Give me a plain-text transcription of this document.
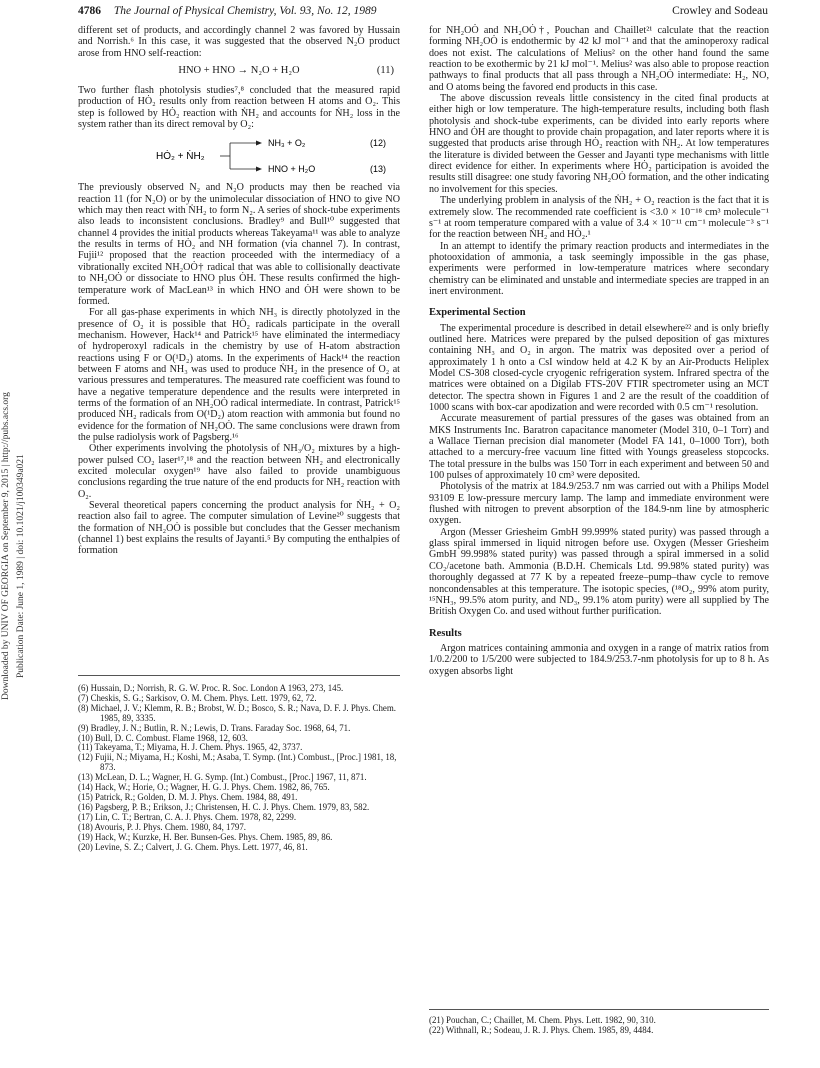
4786 The Journal of Physical Chemistry, Vol. 93, No. 12, 1989	Crowley and Sodeau
Downloaded by UNIV OF GEORGIA on September 9, 2015 | http://pubs.acs.org Publication Date: June 1, 1989 | doi: 10.1021/j100349a021

different set of products, and accordingly channel 2 was favored by Hussain and Norrish.⁶ In this case, it was suggested that the observed N₂O product arose from HNO self-reaction:

HNO + HNO → N₂O + H₂O	(11)

Two further flash photolysis studies⁷,⁸ concluded that the measured rapid production of HȮ₂ results only from reaction between H atoms and O₂. This step is followed by HȮ₂ reaction with ṄH₂ and accounts for ṄH₂ loss in the system rather than its direct removal by O₂:

HȮ₂ + ṄH₂
NH₃ + O₂
HNO + H₂O
(12)
(13)

The previously observed N₂ and N₂O products may then be reached via reaction 11 (for N₂O) or by the unimolecular dissociation of HNO to give NO which may then react with ṄH₂ to form N₂. A series of shock-tube experiments also leads to inconsistent conclusions. Bradley⁹ and Bull¹⁰ suggested that channel 4 provides the initial products whereas Takeyama¹¹ was able to analyze the results in terms of HȮ₂ and NH formation (via channel 7). In contrast, Fujii¹² proposed that the reaction proceeded with the intermediacy of a vibrationally excited NH₂OȮ† radical that was able to collisionally deactivate to NH₂OȮ or dissociate to HNO plus ȮH. These results confirmed the high-temperature work of MacLean¹³ in which HNO and ȮH were shown to be formed.

For all gas-phase experiments in which NH₃ is directly photolyzed in the presence of O₂ it is possible that HȮ₂ radicals participate in the overall mechanism. However, Hack¹⁴ and Patrick¹⁵ have eliminated the intermediacy of hydroperoxyl radicals in the chemistry by use of H-atom abstraction reactions using F or O(¹D₂) atoms. In the experiments of Hack¹⁴ the reaction between F atoms and NH₃ was used to produce ṄH₂ in the presence of O₂ at various pressures and temperatures. The measured rate coefficient was found to have a negative temperature dependence and the results were interpreted in terms of the formation of an NH₂OȮ radical intermediate. In contrast, Patrick¹⁵ produced ṄH₂ radicals from O(¹D₂) atom reaction with ammonia but found no evidence for the formation of NH₂OȮ. The same conclusions were drawn from the pulse radiolysis work of Pagsberg.¹⁶

Other experiments involving the photolysis of NH₃/O₂ mixtures by a high-power pulsed CO₂ laser¹⁷,¹⁸ and the reaction between ṄH₂ and electronically excited molecular oxygen¹⁹ have also failed to provide unambiguous conclusions regarding the true nature of the end products for NH₂ reaction with O₂.

Several theoretical papers concerning the product analysis for ṄH₂ + O₂ reaction also fail to agree. The computer simulation of Levine²⁰ suggests that the formation of NH₂OȮ is possible but concludes that the Gesser mechanism (channel 1) best explains the results of Jayanti.⁵ By computing the enthalpies of formation

(6) Hussain, D.; Norrish, R. G. W. Proc. R. Soc. London A 1963, 273, 145.
(7) Cheskis, S. G.; Sarkisov, O. M. Chem. Phys. Lett. 1979, 62, 72.
(8) Michael, J. V.; Klemm, R. B.; Brobst, W. D.; Bosco, S. R.; Nava, D. F. J. Phys. Chem. 1985, 89, 3335.
(9) Bradley, J. N.; Butlin, R. N.; Lewis, D. Trans. Faraday Soc. 1968, 64, 71.
(10) Bull, D. C. Combust. Flame 1968, 12, 603.
(11) Takeyama, T.; Miyama, H. J. Chem. Phys. 1965, 42, 3737.
(12) Fujii, N.; Miyama, H.; Koshi, M.; Asaba, T. Symp. (Int.) Combust., [Proc.] 1981, 18, 873.
(13) McLean, D. L.; Wagner, H. G. Symp. (Int.) Combust., [Proc.] 1967, 11, 871.
(14) Hack, W.; Horie, O.; Wagner, H. G. J. Phys. Chem. 1982, 86, 765.
(15) Patrick, R.; Golden, D. M. J. Phys. Chem. 1984, 88, 491.
(16) Pagsberg, P. B.; Erikson, J.; Christensen, H. C. J. Phys. Chem. 1979, 83, 582.
(17) Lin, C. T.; Bertran, C. A. J. Phys. Chem. 1978, 82, 2299.
(18) Avouris, P. J. Phys. Chem. 1980, 84, 1797.
(19) Hack, W.; Kurzke, H. Ber. Bunsen-Ges. Phys. Chem. 1985, 89, 86.
(20) Levine, S. Z.; Calvert, J. G. Chem. Phys. Lett. 1977, 46, 81.

for NH₂OȮ and NH₂OȮ†, Pouchan and Chaillet²¹ calculate that the reaction forming NH₂OȮ is endothermic by 42 kJ mol⁻¹ and that the aminoperoxy radical does not exist. The calculations of Melius² on the other hand found the same reaction to be exothermic by 21 kJ mol⁻¹. Melius² was also able to propose reaction pathways to final products that all pass through a NH₂OȮ intermediate: H₂, NO, and O atoms being the favored end products in this case.

The above discussion reveals little consistency in the cited final products at either high or low temperature. The high-temperature results, including both flash photolysis and shock-tube experiments, can be divided into early reports where HNO and ȮH are thought to provide chain propagation, and later reports where it is suggested that products arise through HȮ₂ reaction with ṄH₂. At low temperatures the literature is divided between the Gesser and Jayanti type mechanisms with little direct evidence for either. In experiments where HȮ₂ participation is avoided the results still disagree: one study favoring NH₂OȮ formation, and the other indicating no involvement for this species.

The underlying problem in analysis of the ṄH₂ + O₂ reaction is the fact that it is extremely slow. The recommended rate coefficient is <3.0 × 10⁻¹⁸ cm³ molecule⁻¹ s⁻¹ at room temperature compared with a value of 3.4 × 10⁻¹¹ cm⁻¹ molecule⁻³ s⁻¹ for the reaction between ṄH₂ and HȮ₂.¹

In an attempt to identify the primary reaction products and intermediates in the photooxidation of ammonia, a task seemingly impossible in the gas phase, experiments were performed in low-temperature matrices where secondary chemistry can be eliminated and unstable and intermediate species are trapped in an inert environment.

Experimental Section

The experimental procedure is described in detail elsewhere²² and is only briefly outlined here. Matrices were prepared by the pulsed deposition of gas mixtures containing NH₃ and O₂ in argon. The matrix was deposited over a period of approximately 1 h onto a CsI window held at 4.2 K by an Air-Products Heliplex Model CS-308 closed-cycle cryogenic refrigeration system. Infrared spectra of the matrices were obtained on a Digilab FTS-20V FTIR spectrometer using an MCT detector. The spectra shown in Figures 1 and 2 are the result of the coaddition of 1000 scans with box-car apodization and were recorded with 0.5 cm⁻¹ resolution.

Accurate measurement of partial pressures of the gases was obtained from an MKS Instruments Inc. Baratron capacitance manometer (Model 310, 0–1 Torr) and a Wallace Tiernan precision dial manometer (Model FA 141, 0–1000 Torr), both attached to a mercury-free vacuum line fitted with Youngs greaseless stopcocks. The total pressure in the bulbs was 150 Torr in each experiment and between 50 and 100 pulses of approximately 10 cm³ were deposited.

Photolysis of the matrix at 184.9/253.7 nm was carried out with a Philips Model 93109 E low-pressure mercury lamp. The lamp and immediate environment were flushed with nitrogen to prevent absorption of the 184.9-nm line by atmospheric oxygen.

Argon (Messer Griesheim GmbH 99.999% stated purity) was passed through a glass spiral immersed in liquid nitrogen before use. Oxygen (Messer Griesheim GmbH 99.998% stated purity) was passed through a spiral immersed in a solid CO₂/acetone bath. Ammonia (B.D.H. Chemicals Ltd. 99.98% stated purity) was thoroughly degassed at 77 K by a repeated freeze–pump–thaw cycle to remove noncondensables at this temperature. The isotopic species, (¹⁸O₂, 99% atom purity, ¹⁵NH₃, 99.5% atom purity, and ND₃, 99.1% atom purity) were all supplied by The British Oxygen Co. and used without further purification.

Results

Argon matrices containing ammonia and oxygen in a range of matrix ratios from 1/0.2/200 to 1/5/200 were subjected to 184.9/253.7-nm photolysis for up to 8 h. As oxygen absorbs light

(21) Pouchan, C.; Chaillet, M. Chem. Phys. Lett. 1982, 90, 310.
(22) Withnall, R.; Sodeau, J. R. J. Phys. Chem. 1985, 89, 4484.
